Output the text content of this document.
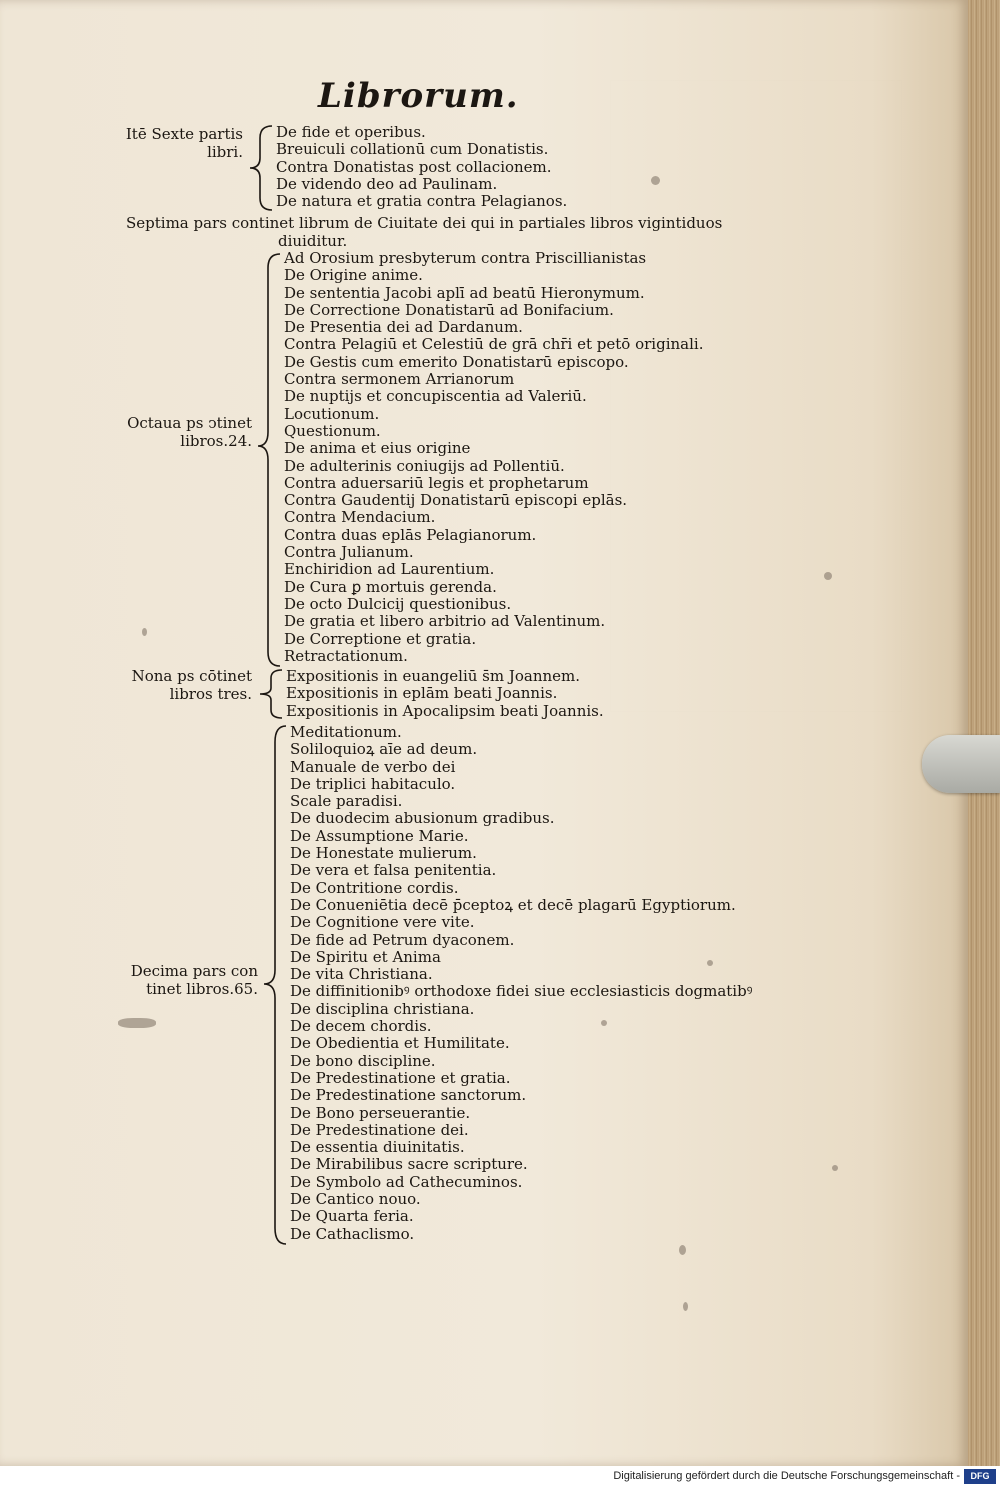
Librorum.
Itē Sexte partis
libri.
De fide et operibus.
Breuiculi collationū cum Donatistis.
Contra Donatistas post collacionem.
De videndo deo ad Paulinam.
De natura et gratia contra Pelagianos.
Septima pars continet librum de Ciuitate dei qui in partiales libros vigintiduos
diuiditur.
Octaua ps ↄtinet
libros.24.
Ad Orosium presbyterum contra Priscillianistas
De Origine anime.
De sententia Jacobi aplī ad beatū Hieronymum.
De Correctione Donatistarū ad Bonifacium.
De Presentia dei ad Dardanum.
Contra Pelagiū et Celestiū de grā chr̄i et petō originali.
De Gestis cum emerito Donatistarū episcopo.
Contra sermonem Arrianorum
De nuptijs et concupiscentia ad Valeriū.
Locutionum.
Questionum.
De anima et eius origine
De adulterinis coniugijs ad Pollentiū.
Contra aduersariū legis et prophetarum
Contra Gaudentij Donatistarū episcopi eplās.
Contra Mendacium.
Contra duas eplās Pelagianorum.
Contra Julianum.
Enchiridion ad Laurentium.
De Cura ꝑ mortuis gerenda.
De octo Dulcicij questionibus.
De gratia et libero arbitrio ad Valentinum.
De Correptione et gratia.
Retractationum.
Nona ps cōtinet
libros tres.
Expositionis in euangeliū s̄m Joannem.
Expositionis in eplām beati Joannis.
Expositionis in Apocalipsim beati Joannis.
Decima pars con
tinet libros.65.
Meditationum.
Soliloquioꝝ aīe ad deum.
Manuale de verbo dei
De triplici habitaculo.
Scale paradisi.
De duodecim abusionum gradibus.
De Assumptione Marie.
De Honestate mulierum.
De vera et falsa penitentia.
De Contritione cordis.
De Conueniētia decē p̄ceptoꝝ et decē plagarū Egyptiorum.
De Cognitione vere vite.
De fide ad Petrum dyaconem.
De Spiritu et Anima
De vita Christiana.
De diffinitionibꝰ orthodoxe fidei siue ecclesiasticis dogmatibꝰ
De disciplina christiana.
De decem chordis.
De Obedientia et Humilitate.
De bono discipline.
De Predestinatione et gratia.
De Predestinatione sanctorum.
De Bono perseuerantie.
De Predestinatione dei.
De essentia diuinitatis.
De Mirabilibus sacre scripture.
De Symbolo ad Cathecuminos.
De Cantico nouo.
De Quarta feria.
De Cathaclismo.
Digitalisierung gefördert durch die Deutsche Forschungsgemeinschaft -	DFG
